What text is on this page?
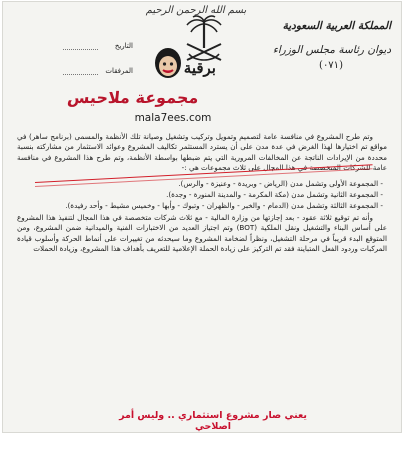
بسم الله الرحمن الرحيم
المملكة العربية السعودية
ديوان رئاسة مجلس الوزراء
(٠٧١)
برقية
التاريخ
المرفقات
مجموعة ملاحيس
mala7ees.com

وتم طرح المشروع في منافسة عامة لتصميم وتمويل وتركيب وتشغيل وصيانة تلك الأنظمة والمسمى (برنامج ساهر) في مواقع تم اختيارها لهذا الغرض في عدة مدن على أن يسترد المستثمر تكاليف المشروع وعوائد الاستثمار من مشاركته بنسبة محددة من الإيرادات الناتجة عن المخالفات المرورية التي يتم ضبطها بواسطة الأنظمة، وتم طرح هذا المشروع في منافسة عامة للشركات المتخصصة في هذا المجال على ثلاث مجموعات هي :-

- المجموعة الأولى وتشمل مدن (الرياض - وبريدة - وعنيزة - والرس).

- المجموعة الثانية وتشمل مدن (مكة المكرمة - والمدينة المنورة - وجدة).

- المجموعة الثالثة وتشمل مدن (الدمام - والخبر - والظهران - وتبوك - وأبها - وخميس مشيط - وأحد رفيدة).

وأنه تم توقيع ثلاثة عقود - بعد إجازتها من وزارة المالية - مع ثلاث شركات متخصصة في هذا المجال لتنفيذ هذا المشروع على أساس البناء والتشغيل ونقل الملكية (BOT) وتم اجتياز العديد من الاختبارات الفنية والميدانية ضمن المشروع، ومن المتوقع البدء قريباً في مرحلة التشغيل، ونظراً لضخامة المشروع وما سيحدثه من تغييرات على أنماط الحركة وأسلوب قيادة المركبات وردود الفعل المتباينة فقد تم التركيز على زيادة الحملة الإعلامية للتعريف بأهداف هذا المشروع، وزيادة الحملات

يعني صار مشروع استثماري .. وليس أمر اصلاحي
